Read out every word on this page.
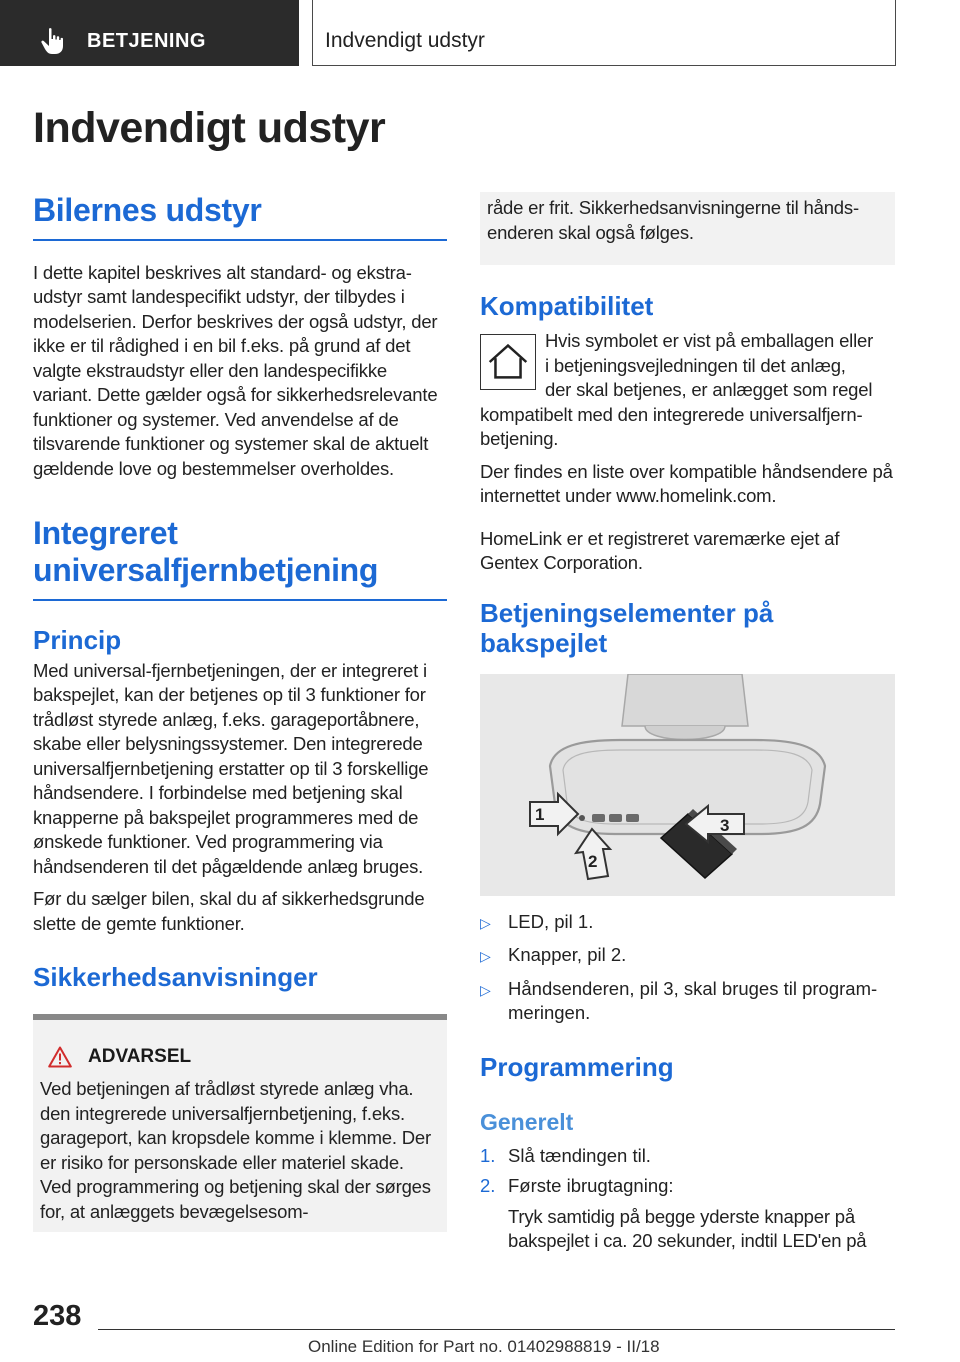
BETJENING	Indvendigt udstyr
Indvendigt udstyr
Bilernes udstyr

I dette kapitel beskrives alt standard- og ekstraudstyr samt landespecifikt udstyr, der tilbydes i modelserien. Derfor beskrives der også udstyr, der ikke er til rådighed i en bil f.eks. på grund af det valgte ekstraudstyr eller den landespecifikke variant. Dette gælder også for sikkerhedsrelevante funktioner og systemer. Ved anvendelse af de tilsvarende funktioner og systemer skal de aktuelt gældende love og bestemmelser overholdes.

Integreret
universalfjernbetjening
Princip

Med universal-fjernbetjeningen, der er integreret i bakspejlet, kan der betjenes op til 3 funktioner for trådløst styrede anlæg, f.eks. garageportåbnere, skabe eller belysningssystemer. Den integrerede universalfjernbetjening erstatter op til 3 forskellige håndsendere. I forbindelse med betjening skal knapperne på bakspejlet programmeres med de ønskede funktioner. Ved programmering via håndsenderen til det pågældende anlæg bruges.

Før du sælger bilen, skal du af sikkerhedsgrunde slette de gemte funktioner.

Sikkerhedsanvisninger
ADVARSEL

Ved betjeningen af trådløst styrede anlæg vha. den integrerede universalfjernbetjening, f.eks. garageport, kan kropsdele komme i klemme. Der er risiko for personskade eller materiel skade. Ved programmering og betjening skal der sørges for, at anlæggets bevægelsesom-

råde er frit. Sikkerhedsanvisningerne til håndsenderen skal også følges.

Kompatibilitet

Hvis symbolet er vist på emballagen eller
i betjeningsvejledningen til det anlæg,
der skal betjenes, er anlægget som regel
kompatibelt med den integrerede universalfjernbetjening.

Der findes en liste over kompatible håndsendere på internettet under www.homelink.com.

HomeLink er et registreret varemærke ejet af Gentex Corporation.

Betjeningselementer på
bakspejlet
1
2
3
▷ LED, pil 1.
▷ Knapper, pil 2.
▷ Håndsenderen, pil 3, skal bruges til programmeringen.
Programmering
Generelt
1. Slå tændingen til.
2. Første ibrugtagning:

Tryk samtidig på begge yderste knapper på bakspejlet i ca. 20 sekunder, indtil LED'en på

238
Online Edition for Part no. 01402988819 - II/18
